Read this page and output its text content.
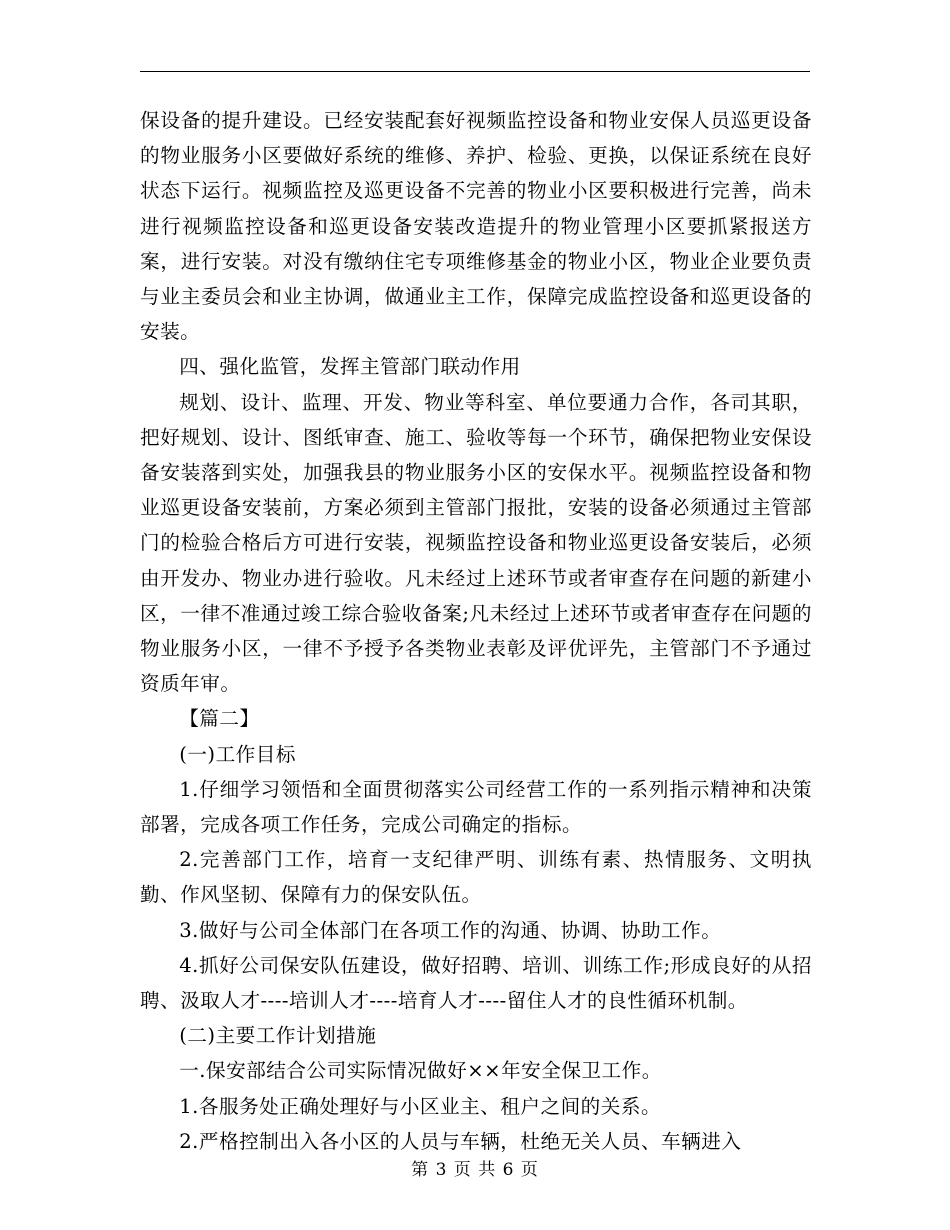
保设备的提升建设。已经安装配套好视频监控设备和物业安保人员巡更设备的物业服务小区要做好系统的维修、养护、检验、更换，以保证系统在良好状态下运行。视频监控及巡更设备不完善的物业小区要积极进行完善，尚未进行视频监控设备和巡更设备安装改造提升的物业管理小区要抓紧报送方案，进行安装。对没有缴纳住宅专项维修基金的物业小区，物业企业要负责与业主委员会和业主协调，做通业主工作，保障完成监控设备和巡更设备的安装。

四、强化监管，发挥主管部门联动作用

规划、设计、监理、开发、物业等科室、单位要通力合作，各司其职，把好规划、设计、图纸审查、施工、验收等每一个环节，确保把物业安保设备安装落到实处，加强我县的物业服务小区的安保水平。视频监控设备和物业巡更设备安装前，方案必须到主管部门报批，安装的设备必须通过主管部门的检验合格后方可进行安装，视频监控设备和物业巡更设备安装后，必须由开发办、物业办进行验收。凡未经过上述环节或者审查存在问题的新建小区，一律不准通过竣工综合验收备案;凡未经过上述环节或者审查存在问题的物业服务小区，一律不予授予各类物业表彰及评优评先，主管部门不予通过资质年审。

【篇二】

(一)工作目标

1.仔细学习领悟和全面贯彻落实公司经营工作的一系列指示精神和决策部署，完成各项工作任务，完成公司确定的指标。

2.完善部门工作，培育一支纪律严明、训练有素、热情服务、文明执勤、作风坚韧、保障有力的保安队伍。

3.做好与公司全体部门在各项工作的沟通、协调、协助工作。

4.抓好公司保安队伍建设，做好招聘、培训、训练工作;形成良好的从招聘、汲取人才----培训人才----培育人才----留住人才的良性循环机制。

(二)主要工作计划措施

一.保安部结合公司实际情况做好××年安全保卫工作。

1.各服务处正确处理好与小区业主、租户之间的关系。

2.严格控制出入各小区的人员与车辆，杜绝无关人员、车辆进入

第 3 页 共 6 页
